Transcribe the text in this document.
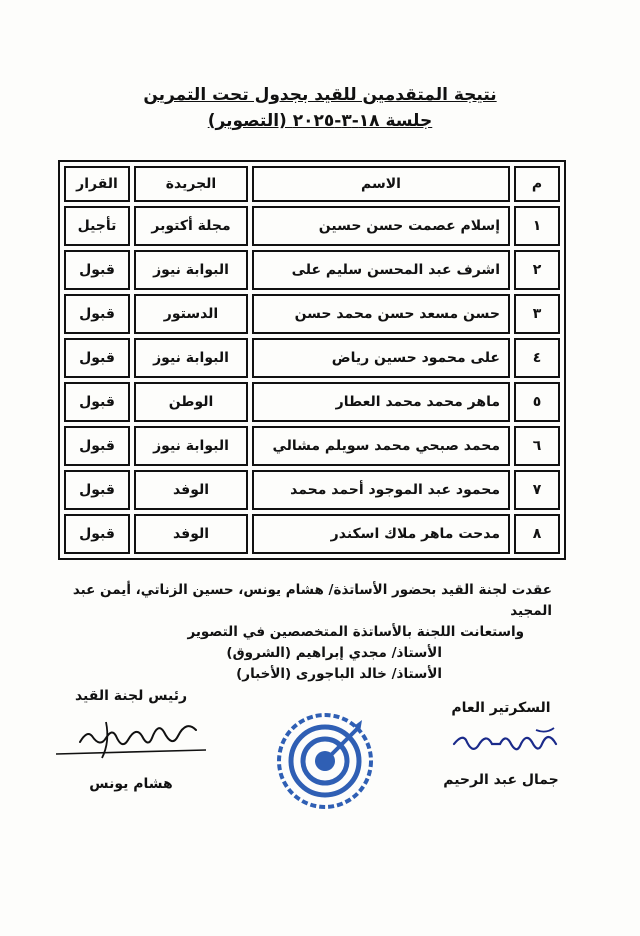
نتيجة المتقدمين للقيد بجدول تحت التمرين
جلسة ١٨-٣-٢٠٢٥ (التصوير)
م	الاسم	الجريدة	القرار
١	إسلام عصمت حسن حسين	مجلة أكتوبر	تأجيل
٢	اشرف عبد المحسن سليم على	البوابة نيوز	قبول
٣	حسن مسعد حسن محمد حسن	الدستور	قبول
٤	على محمود حسين رياض	البوابة نيوز	قبول
٥	ماهر محمد محمد العطار	الوطن	قبول
٦	محمد صبحي محمد سويلم مشالي	البوابة نيوز	قبول
٧	محمود عبد الموجود أحمد محمد	الوفد	قبول
٨	مدحت ماهر ملاك اسكندر	الوفد	قبول
عقدت لجنة القيد بحضور الأساتذة/ هشام يونس، حسين الزناتي، أيمن عبد المجيد
واستعانت اللجنة بالأساتذة المتخصصين في التصوير
الأستاذ/ مجدي إبراهيم (الشروق)
الأستاذ/ خالد الباجورى (الأخبار)
السكرتير العام
جمال عبد الرحيم
رئيس لجنة القيد
هشام يونس
